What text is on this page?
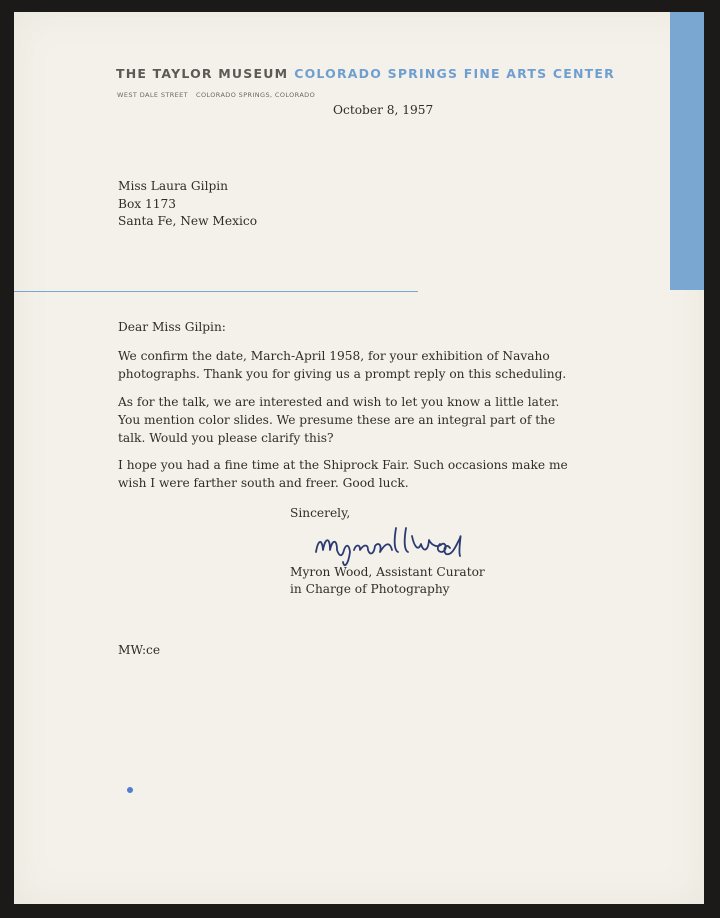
THE TAYLOR MUSEUM COLORADO SPRINGS FINE ARTS CENTER
WEST DALE STREET COLORADO SPRINGS, COLORADO
October 8, 1957
Miss Laura Gilpin
Box 1173
Santa Fe, New Mexico
Dear Miss Gilpin:
We confirm the date, March-April 1958, for your exhibition of Navaho
photographs. Thank you for giving us a prompt reply on this scheduling.
As for the talk, we are interested and wish to let you know a little later.
You mention color slides. We presume these are an integral part of the
talk. Would you please clarify this?
I hope you had a fine time at the Shiprock Fair. Such occasions make me
wish I were farther south and freer. Good luck.
Sincerely,
Myron Wood, Assistant Curator
in Charge of Photography
MW:ce
